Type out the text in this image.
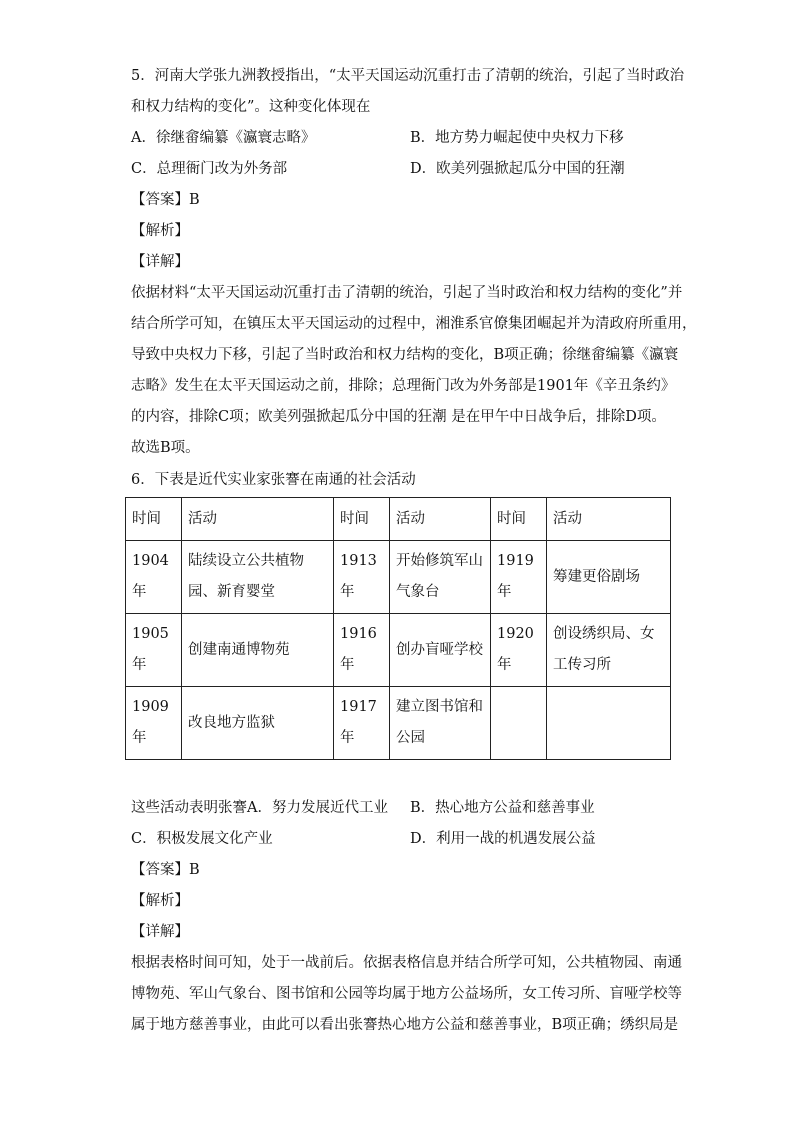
5．河南大学张九洲教授指出，“太平天国运动沉重打击了清朝的统治，引起了当时政治
和权力结构的变化”。这种变化体现在
A．徐继畲编纂《瀛寰志略》	B．地方势力崛起使中央权力下移
C．总理衙门改为外务部	D．欧美列强掀起瓜分中国的狂潮
【答案】B
【解析】
【详解】
依据材料“太平天国运动沉重打击了清朝的统治，引起了当时政治和权力结构的变化”并
结合所学可知，在镇压太平天国运动的过程中，湘淮系官僚集团崛起并为清政府所重用，
导致中央权力下移，引起了当时政治和权力结构的变化，B项正确；徐继畲编纂《瀛寰
志略》发生在太平天国运动之前，排除；总理衙门改为外务部是1901年《辛丑条约》
的内容，排除C项；欧美列强掀起瓜分中国的狂潮 是在甲午中日战争后，排除D项。
故选B项。
6．下表是近代实业家张謇在南通的社会活动
时间	活动	时间	活动	时间	活动
1904年	陆续设立公共植物园、新育婴堂	1913年	开始修筑军山气象台	1919年	筹建更俗剧场
1905年	创建南通博物苑	1916年	创办盲哑学校	1920年	创设绣织局、女工传习所
1909年	改良地方监狱	1917年	建立图书馆和公园		
这些活动表明张謇A．努力发展近代工业 B．热心地方公益和慈善事业
C．积极发展文化产业	D．利用一战的机遇发展公益
【答案】B
【解析】
【详解】
根据表格时间可知，处于一战前后。依据表格信息并结合所学可知，公共植物园、南通
博物苑、军山气象台、图书馆和公园等均属于地方公益场所，女工传习所、盲哑学校等
属于地方慈善事业，由此可以看出张謇热心地方公益和慈善事业，B项正确；绣织局是
